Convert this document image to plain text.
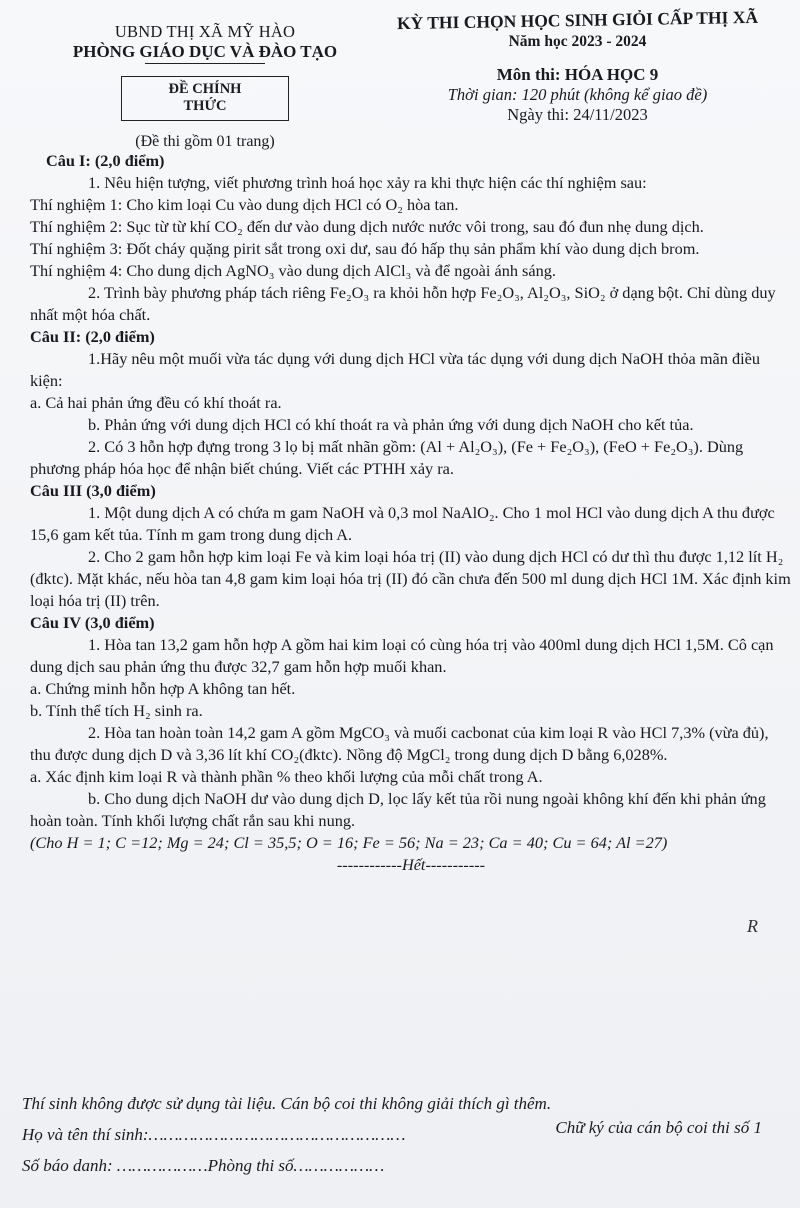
UBND THỊ XÃ MỸ HÀO
PHÒNG GIÁO DỤC VÀ ĐÀO TẠO
ĐỀ CHÍNH THỨC
(Đề thi gồm 01 trang)
KỲ THI CHỌN HỌC SINH GIỎI CẤP THỊ XÃ
Năm học 2023 - 2024
Môn thi: HÓA HỌC 9
Thời gian: 120 phút (không kể giao đề)
Ngày thi: 24/11/2023

Câu I: (2,0 điểm)

1. Nêu hiện tượng, viết phương trình hoá học xảy ra khi thực hiện các thí nghiệm sau:

Thí nghiệm 1: Cho kim loại Cu vào dung dịch HCl có O₂ hòa tan.

Thí nghiệm 2: Sục từ từ khí CO₂ đến dư vào dung dịch nước nước vôi trong, sau đó đun nhẹ dung dịch.

Thí nghiệm 3: Đốt cháy quặng pirit sắt trong oxi dư, sau đó hấp thụ sản phẩm khí vào dung dịch brom.

Thí nghiệm 4: Cho dung dịch AgNO₃ vào dung dịch AlCl₃ và để ngoài ánh sáng.

2. Trình bày phương pháp tách riêng Fe₂O₃ ra khỏi hỗn hợp Fe₂O₃, Al₂O₃, SiO₂ ở dạng bột. Chỉ dùng duy nhất một hóa chất.

Câu II: (2,0 điểm)

1.Hãy nêu một muối vừa tác dụng với dung dịch HCl vừa tác dụng với dung dịch NaOH thỏa mãn điều kiện:

a. Cả hai phản ứng đều có khí thoát ra.

b. Phản ứng với dung dịch HCl có khí thoát ra và phản ứng với dung dịch NaOH cho kết tủa.

2. Có 3 hỗn hợp đựng trong 3 lọ bị mất nhãn gồm: (Al + Al₂O₃), (Fe + Fe₂O₃), (FeO + Fe₂O₃). Dùng phương pháp hóa học để nhận biết chúng. Viết các PTHH xảy ra.

Câu III (3,0 điểm)

1. Một dung dịch A có chứa m gam NaOH và 0,3 mol NaAlO₂. Cho 1 mol HCl vào dung dịch A thu được 15,6 gam kết tủa. Tính m gam trong dung dịch A.

2. Cho 2 gam hỗn hợp kim loại Fe và kim loại hóa trị (II) vào dung dịch HCl có dư thì thu được 1,12 lít H₂ (đktc). Mặt khác, nếu hòa tan 4,8 gam kim loại hóa trị (II) đó cần chưa đến 500 ml dung dịch HCl 1M. Xác định kim loại hóa trị (II) trên.

Câu IV (3,0 điểm)

1. Hòa tan 13,2 gam hỗn hợp A gồm hai kim loại có cùng hóa trị vào 400ml dung dịch HCl 1,5M. Cô cạn dung dịch sau phản ứng thu được 32,7 gam hỗn hợp muối khan.

a. Chứng minh hỗn hợp A không tan hết.

b. Tính thể tích H₂ sinh ra.

2. Hòa tan hoàn toàn 14,2 gam A gồm MgCO₃ và muối cacbonat của kim loại R vào HCl 7,3% (vừa đủ), thu được dung dịch D và 3,36 lít khí CO₂(đktc). Nồng độ MgCl₂ trong dung dịch D bằng 6,028%.

a. Xác định kim loại R và thành phần % theo khối lượng của mỗi chất trong A.

b. Cho dung dịch NaOH dư vào dung dịch D, lọc lấy kết tủa rồi nung ngoài không khí đến khi phản ứng hoàn toàn. Tính khối lượng chất rắn sau khi nung.

(Cho H = 1; C =12; Mg = 24; Cl = 35,5; O = 16; Fe = 56; Na = 23; Ca = 40; Cu = 64; Al =27)

------------Hết-----------

R
Thí sinh không được sử dụng tài liệu. Cán bộ coi thi không giải thích gì thêm.
Họ và tên thí sinh:……………………………………………
Số báo danh: ………………Phòng thi số………………
Chữ ký của cán bộ coi thi số 1
